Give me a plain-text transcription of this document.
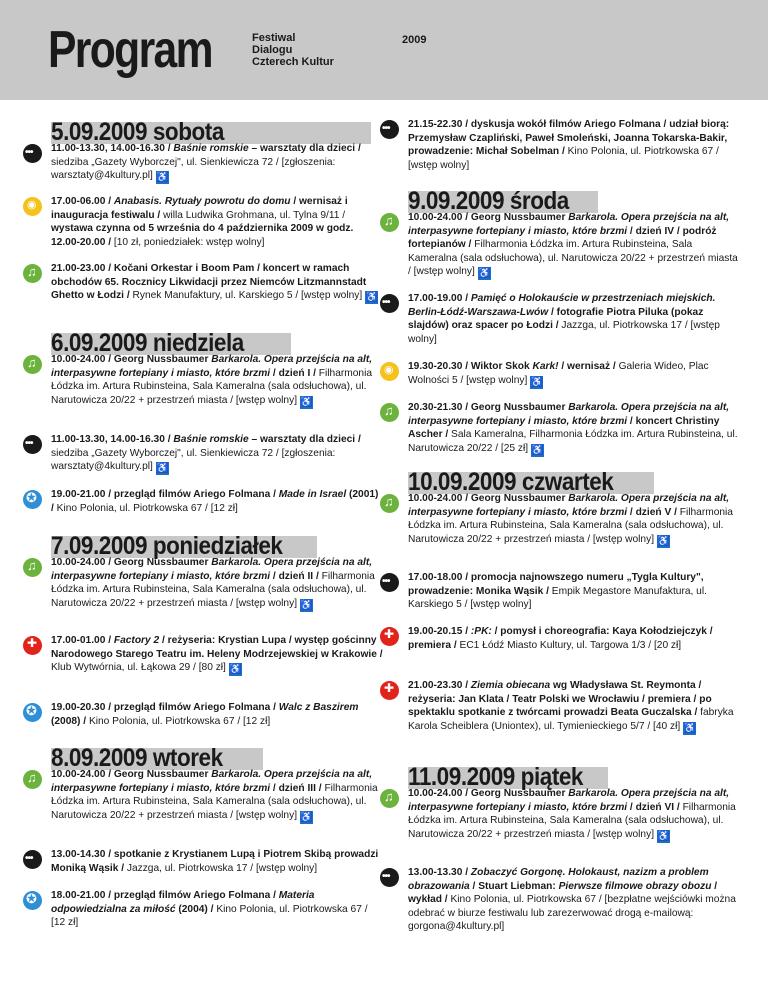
Program	Festiwal
Dialogu
Czterech Kultur
2009
5.09.2009 sobota
•••
11.00-13.30, 14.00-16.30 / Baśnie romskie – warsztaty dla dzieci / siedziba „Gazety Wyborczej", ul. Sienkiewicza 72 / [zgłoszenia: warsztaty@4kultury.pl] ♿
◉
17.00-06.00 / Anabasis. Rytuały powrotu do domu / wernisaż i inauguracja festiwalu / willa Ludwika Grohmana, ul. Tylna 9/11 / wystawa czynna od 5 września do 4 października 2009 w godz. 12.00-20.00 / [10 zł, poniedziałek: wstęp wolny]
♫
21.00-23.00 / Kočani Orkestar i Boom Pam / koncert w ramach obchodów 65. Rocznicy Likwidacji przez Niemców Litzmannstadt Ghetto w Łodzi / Rynek Manufaktury, ul. Karskiego 5 / [wstęp wolny] ♿
6.09.2009 niedziela
♫
10.00-24.00 / Georg Nussbaumer Barkarola. Opera przejścia na alt, interpasywne fortepiany i miasto, które brzmi / dzień I / Filharmonia Łódzka im. Artura Rubinsteina, Sala Kameralna (sala odsłuchowa), ul. Narutowicza 20/22 + przestrzeń miasta / [wstęp wolny] ♿
•••
11.00-13.30, 14.00-16.30 / Baśnie romskie – warsztaty dla dzieci / siedziba „Gazety Wyborczej", ul. Sienkiewicza 72 / [zgłoszenia: warsztaty@4kultury.pl] ♿
✪
19.00-21.00 / przegląd filmów Ariego Folmana / Made in Israel (2001) / Kino Polonia, ul. Piotrkowska 67 / [12 zł]
7.09.2009 poniedziałek
♫
10.00-24.00 / Georg Nussbaumer Barkarola. Opera przejścia na alt, interpasywne fortepiany i miasto, które brzmi / dzień II / Filharmonia Łódzka im. Artura Rubinsteina, Sala Kameralna (sala odsłuchowa), ul. Narutowicza 20/22 + przestrzeń miasta / [wstęp wolny] ♿
✚
17.00-01.00 / Factory 2 / reżyseria: Krystian Lupa / występ gościnny Narodowego Starego Teatru im. Heleny Modrzejewskiej w Krakowie / Klub Wytwórnia, ul. Łąkowa 29 / [80 zł] ♿
✪
19.00-20.30 / przegląd filmów Ariego Folmana / Walc z Baszirem (2008) / Kino Polonia, ul. Piotrkowska 67 / [12 zł]
8.09.2009 wtorek
♫
10.00-24.00 / Georg Nussbaumer Barkarola. Opera przejścia na alt, interpasywne fortepiany i miasto, które brzmi / dzień III / Filharmonia Łódzka im. Artura Rubinsteina, Sala Kameralna (sala odsłuchowa), ul. Narutowicza 20/22 + przestrzeń miasta / [wstęp wolny] ♿
•••
13.00-14.30 / spotkanie z Krystianem Lupą i Piotrem Skibą prowadzi Moniką Wąsik / Jazzga, ul. Piotrkowska 17 / [wstęp wolny]
✪
18.00-21.00 / przegląd filmów Ariego Folmana / Materia odpowiedzialna za miłość (2004) / Kino Polonia, ul. Piotrkowska 67 / [12 zł]
•••
21.15-22.30 / dyskusja wokół filmów Ariego Folmana / udział biorą: Przemysław Czapliński, Paweł Smoleński, Joanna Tokarska-Bakir, prowadzenie: Michał Sobelman / Kino Polonia, ul. Piotrkowska 67 / [wstęp wolny]
9.09.2009 środa
♫
10.00-24.00 / Georg Nussbaumer Barkarola. Opera przejścia na alt, interpasywne fortepiany i miasto, które brzmi / dzień IV / podróż fortepianów / Filharmonia Łódzka im. Artura Rubinsteina, Sala Kameralna (sala odsłuchowa), ul. Narutowicza 20/22 + przestrzeń miasta / [wstęp wolny] ♿
•••
17.00-19.00 / Pamięć o Holokauście w przestrzeniach miejskich. Berlin-Łódź-Warszawa-Lwów / fotografie Piotra Piluka (pokaz slajdów) oraz spacer po Łodzi / Jazzga, ul. Piotrkowska 17 / [wstęp wolny]
◉
19.30-20.30 / Wiktor Skok Kark! / wernisaż / Galeria Wideo, Plac Wolności 5 / [wstęp wolny] ♿
♫
20.30-21.30 / Georg Nussbaumer Barkarola. Opera przejścia na alt, interpasywne fortepiany i miasto, które brzmi / koncert Christiny Ascher / Sala Kameralna, Filharmonia Łódzka im. Artura Rubinsteina, ul. Narutowicza 20/22 / [25 zł] ♿
10.09.2009 czwartek
♫
10.00-24.00 / Georg Nussbaumer Barkarola. Opera przejścia na alt, interpasywne fortepiany i miasto, które brzmi / dzień V / Filharmonia Łódzka im. Artura Rubinsteina, Sala Kameralna (sala odsłuchowa), ul. Narutowicza 20/22 + przestrzeń miasta / [wstęp wolny] ♿
•••
17.00-18.00 / promocja najnowszego numeru „Tygla Kultury", prowadzenie: Monika Wąsik / Empik Megastore Manufaktura, ul. Karskiego 5 / [wstęp wolny]
✚
19.00-20.15 / :PK: / pomysł i choreografia: Kaya Kołodziejczyk / premiera / EC1 Łódź Miasto Kultury, ul. Targowa 1/3 / [20 zł]
✚
21.00-23.30 / Ziemia obiecana wg Władysława St. Reymonta / reżyseria: Jan Klata / Teatr Polski we Wrocławiu / premiera / po spektaklu spotkanie z twórcami prowadzi Beata Guczalska / fabryka Karola Scheiblera (Uniontex), ul. Tymienieckiego 5/7 / [40 zł] ♿
11.09.2009 piątek
♫
10.00-24.00 / Georg Nussbaumer Barkarola. Opera przejścia na alt, interpasywne fortepiany i miasto, które brzmi / dzień VI / Filharmonia Łódzka im. Artura Rubinsteina, Sala Kameralna (sala odsłuchowa), ul. Narutowicza 20/22 + przestrzeń miasta / [wstęp wolny] ♿
•••
13.00-13.30 / Zobaczyć Gorgonę. Holokaust, nazizm a problem obrazowania / Stuart Liebman: Pierwsze filmowe obrazy obozu / wykład / Kino Polonia, ul. Piotrkowska 67 / [bezpłatne wejściówki można odebrać w biurze festiwalu lub zarezerwować drogą e-mailową: gorgona@4kultury.pl]
